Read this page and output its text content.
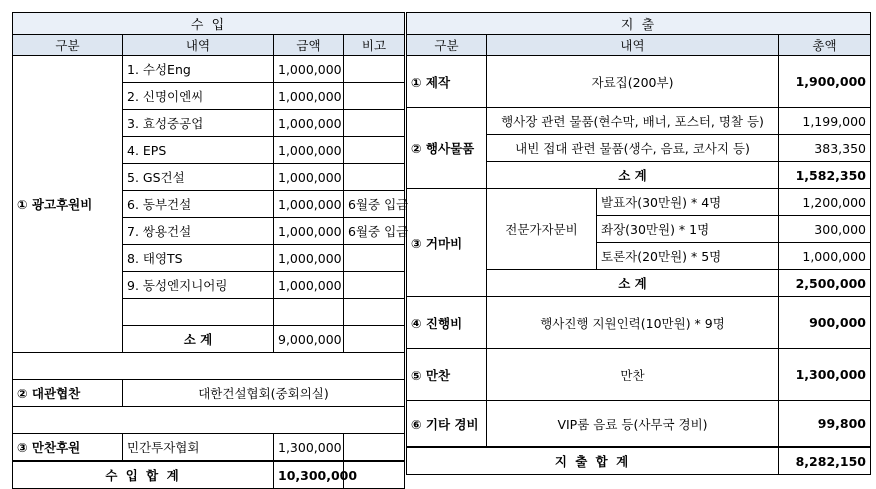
수 입			
구분	내역	금액	비고
① 광고후원비	1. 수성Eng	1,000,000	
	2. 신명이엔씨	1,000,000	
	3. 효성중공업	1,000,000	
	4. EPS	1,000,000	
	5. GS건설	1,000,000	
	6. 동부건설	1,000,000	6월중 입금
	7. 쌍용건설	1,000,000	6월중 입금
	8. 태영TS	1,000,000	
	9. 동성엔지니어링	1,000,000	

	소 계	9,000,000	

② 대관협찬	대한건설협회(중회의실)		

③ 만찬후원	민간투자협회	1,300,000	
수 입 합 계		10,300,000	
지 출			
구분	내역		총액
① 제작	자료집(200부)		1,900,000
② 행사물품	행사장 관련 물품(현수막, 배너, 포스터, 명찰 등)		1,199,000
	내빈 접대 관련 물품(생수, 음료, 코사지 등)		383,350
	소 계		1,582,350
③ 거마비	전문가자문비	발표자(30만원) * 4명	1,200,000
		좌장(30만원) * 1명	300,000
		토론자(20만원) * 5명	1,000,000
	소 계		2,500,000
④ 진행비	행사진행 지원인력(10만원) * 9명		900,000
⑤ 만찬	만찬		1,300,000
⑥ 기타 경비	VIP룸 음료 등(사무국 경비)		99,800
지 출 합 계			8,282,150
